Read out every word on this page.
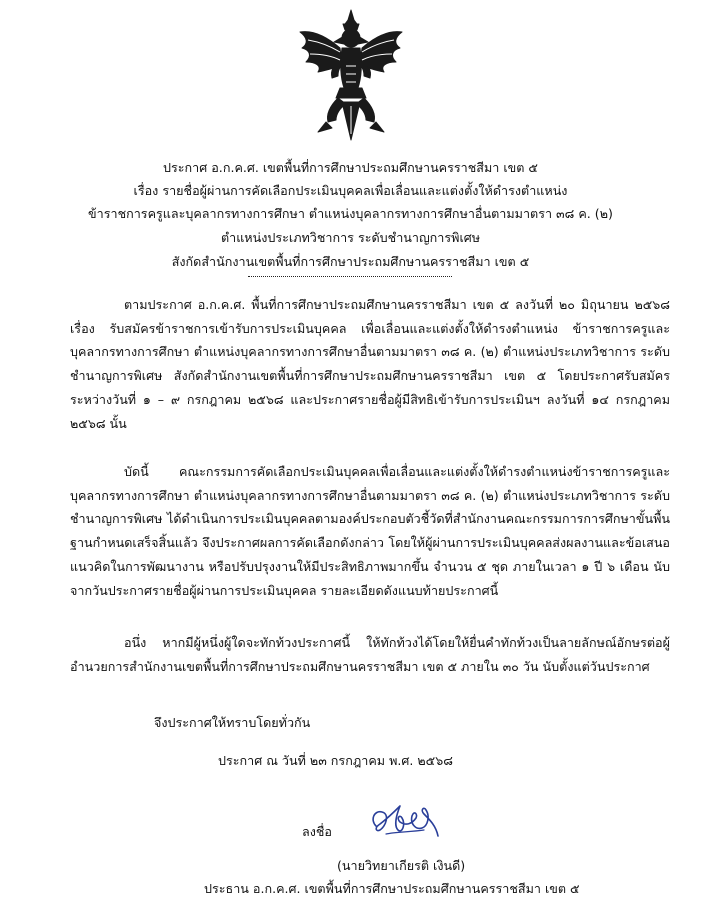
ประกาศ อ.ก.ค.ศ. เขตพื้นที่การศึกษาประถมศึกษานครราชสีมา เขต ๕
เรื่อง รายชื่อผู้ผ่านการคัดเลือกประเมินบุคคลเพื่อเลื่อนและแต่งตั้งให้ดำรงตำแหน่ง
ข้าราชการครูและบุคลากรทางการศึกษา ตำแหน่งบุคลากรทางการศึกษาอื่นตามมาตรา ๓๘ ค. (๒)
ตำแหน่งประเภทวิชาการ ระดับชำนาญการพิเศษ
สังกัดสำนักงานเขตพื้นที่การศึกษาประถมศึกษานครราชสีมา เขต ๕

ตามประกาศ อ.ก.ค.ศ. พื้นที่การศึกษาประถมศึกษานครราชสีมา เขต ๕ ลงวันที่ ๒๐ มิถุนายน ๒๕๖๘ เรื่อง รับสมัครข้าราชการเข้ารับการประเมินบุคคล เพื่อเลื่อนและแต่งตั้งให้ดำรงตำแหน่ง ข้าราชการครูและบุคลากรทางการศึกษา ตำแหน่งบุคลากรทางการศึกษาอื่นตามมาตรา ๓๘ ค. (๒) ตำแหน่งประเภทวิชาการ ระดับชำนาญการพิเศษ สังกัดสำนักงานเขตพื้นที่การศึกษาประถมศึกษานครราชสีมา เขต ๕ โดยประกาศรับสมัครระหว่างวันที่ ๑ – ๙ กรกฎาคม ๒๕๖๘ และประกาศรายชื่อผู้มีสิทธิเข้ารับการประเมินฯ ลงวันที่ ๑๔ กรกฎาคม ๒๕๖๘ นั้น

บัดนี้ คณะกรรมการคัดเลือกประเมินบุคคลเพื่อเลื่อนและแต่งตั้งให้ดำรงตำแหน่งข้าราชการครูและบุคลากรทางการศึกษา ตำแหน่งบุคลากรทางการศึกษาอื่นตามมาตรา ๓๘ ค. (๒) ตำแหน่งประเภทวิชาการ ระดับชำนาญการพิเศษ ได้ดำเนินการประเมินบุคคลตามองค์ประกอบตัวชี้วัดที่สำนักงานคณะกรรมการการศึกษาขั้นพื้นฐานกำหนดเสร็จสิ้นแล้ว จึงประกาศผลการคัดเลือกดังกล่าว โดยให้ผู้ผ่านการประเมินบุคคลส่งผลงานและข้อเสนอแนวคิดในการพัฒนางาน หรือปรับปรุงงานให้มีประสิทธิภาพมากขึ้น จำนวน ๕ ชุด ภายในเวลา ๑ ปี ๖ เดือน นับจากวันประกาศรายชื่อผู้ผ่านการประเมินบุคคล รายละเอียดดังแนบท้ายประกาศนี้

อนึ่ง หากมีผู้หนึ่งผู้ใดจะทักท้วงประกาศนี้ ให้ทักท้วงได้โดยให้ยื่นคำทักท้วงเป็นลายลักษณ์อักษรต่อผู้อำนวยการสำนักงานเขตพื้นที่การศึกษาประถมศึกษานครราชสีมา เขต ๕ ภายใน ๓๐ วัน นับตั้งแต่วันประกาศ

จึงประกาศให้ทราบโดยทั่วกัน
ประกาศ ณ วันที่ ๒๓ กรกฎาคม พ.ศ. ๒๕๖๘
ลงชื่อ
(นายวิทยาเกียรติ เงินดี)
ประธาน อ.ก.ค.ศ. เขตพื้นที่การศึกษาประถมศึกษานครราชสีมา เขต ๕
